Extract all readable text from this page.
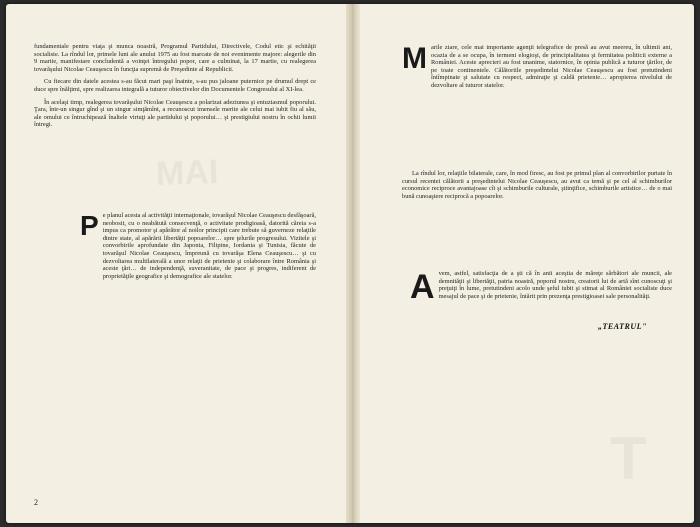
MAI

fundamentale pentru viaţa şi munca noastră, Programul Partidului, Directivele, Codul etic şi echităţii socialiste. La rîndul lor, primele luni ale anului 1975 au fost marcate de noi evenimente majore: alegerile din 9 martie, manifestare concludentă a voinţei întregului popor, care a culminat, la 17 martie, cu realegerea tovarăşului Nicolae Ceauşescu în funcţia supremă de Preşedinte al Republicii.

Cu fiecare din datele acestea s-au făcut mari paşi înainte, s-au pus jaloane puternice pe drumul drept ce duce spre înălţimi, spre realizarea integrală a tuturor obiectivelor din Documentele Congresului al XI-lea.

În acelaşi timp, realegerea tovarăşului Nicolae Ceauşescu a polarizat adeziunea şi entuziasmul poporului. Ţara, într-un singur gînd şi un singur simţămînt, a recunoscut imensele merite ale celui mai iubit fiu al său, ale omului ce întruchipează înaltele virtuţi ale partidului şi poporului… şi prestigiului nostru în ochii lumii întregi.

P e planul acesta al activităţii internaţionale, tovarăşul Nicolae Ceauşescu desfăşoară, neobosit, cu o neabătută consecvenţă, o activitate prodigioasă, datorită căreia s-a impus ca promotor şi apărător al noilor principii care trebuie să guverneze relaţiile dintre state, al apărării libertăţii popoarelor… spre ţelurile progresului. Vizitele şi convorbirile aprofundate din Japonia, Filipine, Iordania şi Tunisia, făcute de tovarăşul Nicolae Ceauşescu, împreună cu tovarăşa Elena Ceauşescu… şi cu dezvoltarea multilaterală a unor relaţii de prietenie şi colaborare între România şi aceste ţări… de independenţă, suveranitate, de pace şi progres, indiferent de proprietăţile geografice şi demografice ale statelor.

2
T
M arile ziare, cele mai importante agenţii telegrafice de presă au avut meereu, în ultimii ani, ocazia de a se ocupa, în termeni elogioşi, de principialitatea şi fermitatea politicii externe a României. Aceste aprecieri au fost unanime, statornice, în opinia publică a tuturor ţărilor, de pe toate continentele. Călătoriile preşedintelui Nicolae Ceauşescu au fost pretutindeni întîmpinate şi salutate cu respect, admiraţie şi caldă prietenie… apropierea nivelului de dezvoltare al tuturor statelor.

La rîndul lor, relaţiile bilaterale, care, în mod firesc, au fost pe primul plan al convorbirilor purtate în cursul recentei călătorii a preşedintelui Nicolae Ceauşescu, au avut ca temă şi pe cel al schimburilor economice reciproce avantajoase cît şi schimburile culturale, ştiinţifice, schimburile artistice… de o mai bună cunoaştere reciprocă a popoarelor.

A vem, astfel, satisfacţia de a şti că în anii aceştia de măreţe sărbători ale muncii, ale demnităţii şi libertăţii, patria noastră, poporul nostru, creatorii lui de artă sînt cunoscuţi şi preţuiţi în lume, pretutindeni acolo unde şeful iubit şi stimat al României socialiste duce mesajul de pace şi de prietenie, întărit prin prezenţa prestigioasei sale personalităţi.

„TEATRUL"
